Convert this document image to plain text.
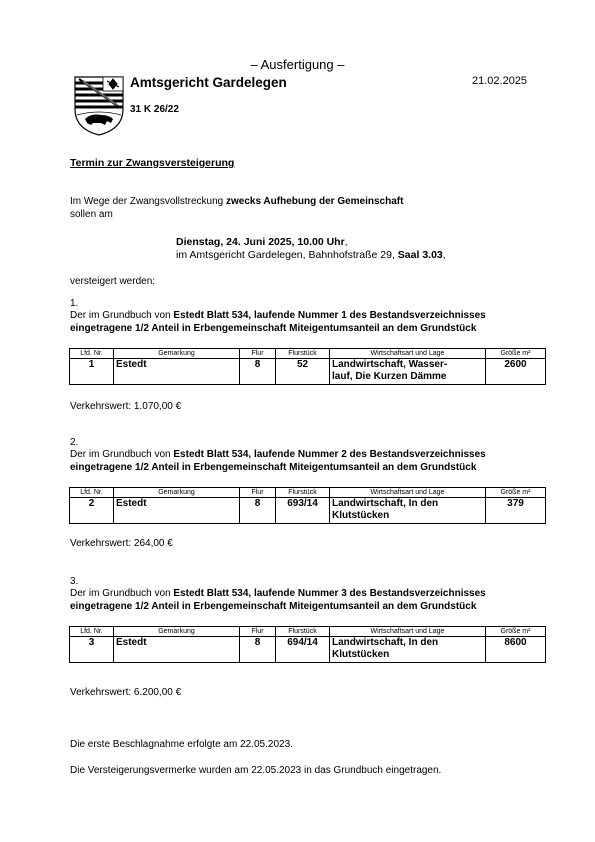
– Ausfertigung –
Amtsgericht Gardelegen	21.02.2025
31 K 26/22
Termin zur Zwangsversteigerung
Im Wege der Zwangsvollstreckung zwecks Aufhebung der Gemeinschaft
sollen am
Dienstag, 24. Juni 2025, 10.00 Uhr,
im Amtsgericht Gardelegen, Bahnhofstraße 29, Saal 3.03,
versteigert werden:
1.
Der im Grundbuch von Estedt Blatt 534, laufende Nummer 1 des Bestandsverzeichnisses
eingetragene 1/2 Anteil in Erbengemeinschaft Miteigentumsanteil an dem Grundstück
Lfd. Nr.	Gemarkung	Flur	Flurstück	Wirtschaftsart und Lage	Größe m²
1	Estedt	8	52	Landwirtschaft, Wasser-
lauf, Die Kurzen Dämme	2600
Verkehrswert: 1.070,00 €
2.
Der im Grundbuch von Estedt Blatt 534, laufende Nummer 2 des Bestandsverzeichnisses
eingetragene 1/2 Anteil in Erbengemeinschaft Miteigentumsanteil an dem Grundstück
Lfd. Nr.	Gemarkung	Flur	Flurstück	Wirtschaftsart und Lage	Größe m²
2	Estedt	8	693/14	Landwirtschaft, In den
Klutstücken	379
Verkehrswert: 264,00 €
3.
Der im Grundbuch von Estedt Blatt 534, laufende Nummer 3 des Bestandsverzeichnisses
eingetragene 1/2 Anteil in Erbengemeinschaft Miteigentumsanteil an dem Grundstück
Lfd. Nr.	Gemarkung	Flur	Flurstück	Wirtschaftsart und Lage	Größe m²
3	Estedt	8	694/14	Landwirtschaft, In den
Klutstücken	8600
Verkehrswert: 6.200,00 €
Die erste Beschlagnahme erfolgte am 22.05.2023.
Die Versteigerungsvermerke wurden am 22.05.2023 in das Grundbuch eingetragen.
